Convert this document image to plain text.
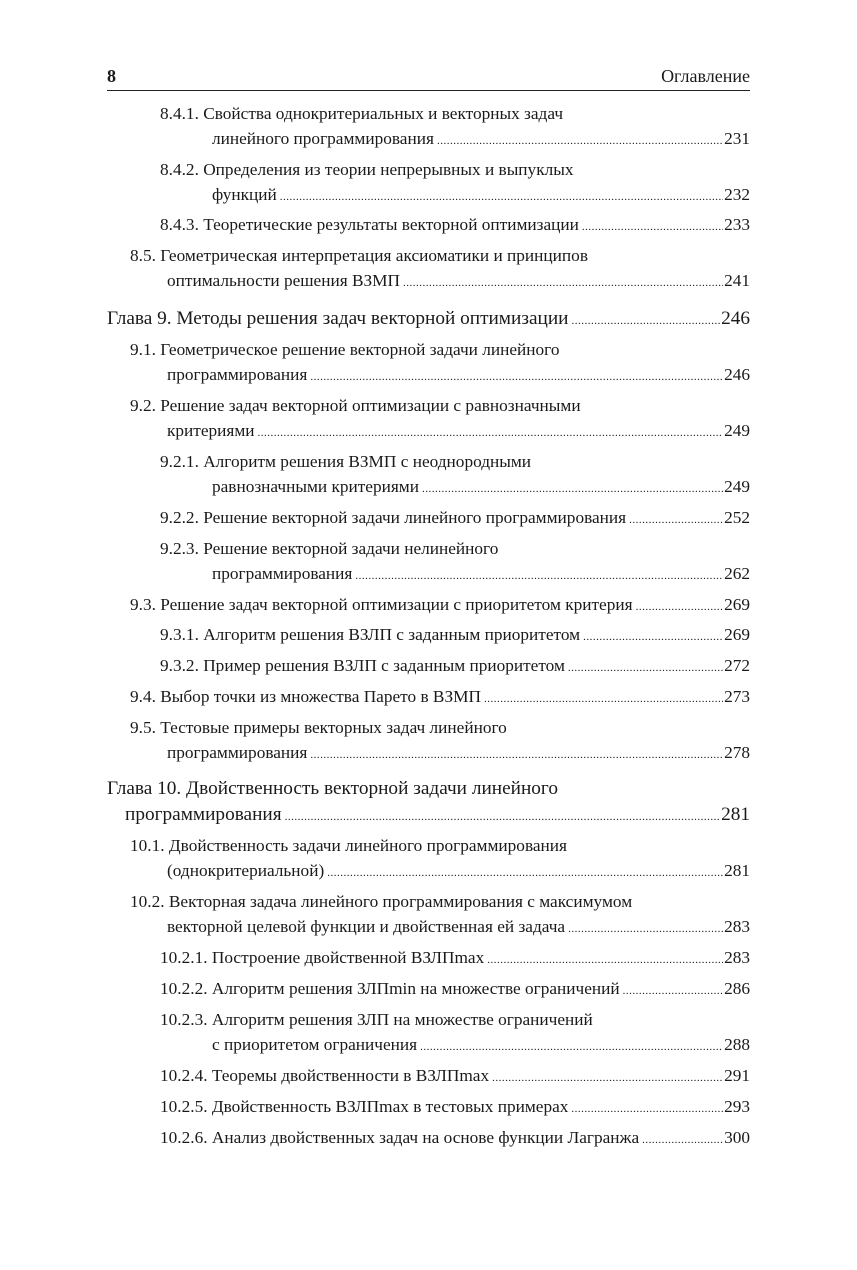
8	Оглавление
8.4.1. Свойства однокритериальных и векторных задач
линейного программирования .....	231
8.4.2. Определения из теории непрерывных и выпуклых
функций .....	232
8.4.3. Теоретические результаты векторной оптимизации .....	233
8.5. Геометрическая интерпретация аксиоматики и принципов
оптимальности решения ВЗМП .....	241
Глава 9. Методы решения задач векторной оптимизации .....	246
9.1. Геометрическое решение векторной задачи линейного
программирования .....	246
9.2. Решение задач векторной оптимизации с равнозначными
критериями .....	249
9.2.1. Алгоритм решения ВЗМП с неоднородными
равнозначными критериями .....	249
9.2.2. Решение векторной задачи линейного программирования .....	252
9.2.3. Решение векторной задачи нелинейного
программирования .....	262
9.3. Решение задач векторной оптимизации с приоритетом критерия .....	269
9.3.1. Алгоритм решения ВЗЛП с заданным приоритетом .....	269
9.3.2. Пример решения ВЗЛП с заданным приоритетом .....	272
9.4. Выбор точки из множества Парето в ВЗМП .....	273
9.5. Тестовые примеры векторных задач линейного
программирования .....	278
Глава 10. Двойственность векторной задачи линейного
программирования .....	281
10.1. Двойственность задачи линейного программирования
(однокритериальной) .....	281
10.2. Векторная задача линейного программирования с максимумом
векторной целевой функции и двойственная ей задача .....	283
10.2.1. Построение двойственной ВЗЛПmax .....	283
10.2.2. Алгоритм решения ЗЛПmin на множестве ограничений .....	286
10.2.3. Алгоритм решения ЗЛП на множестве ограничений
с приоритетом ограничения .....	288
10.2.4. Теоремы двойственности в ВЗЛПmax .....	291
10.2.5. Двойственность ВЗЛПmax в тестовых примерах .....	293
10.2.6. Анализ двойственных задач на основе функции Лагранжа .....	300
